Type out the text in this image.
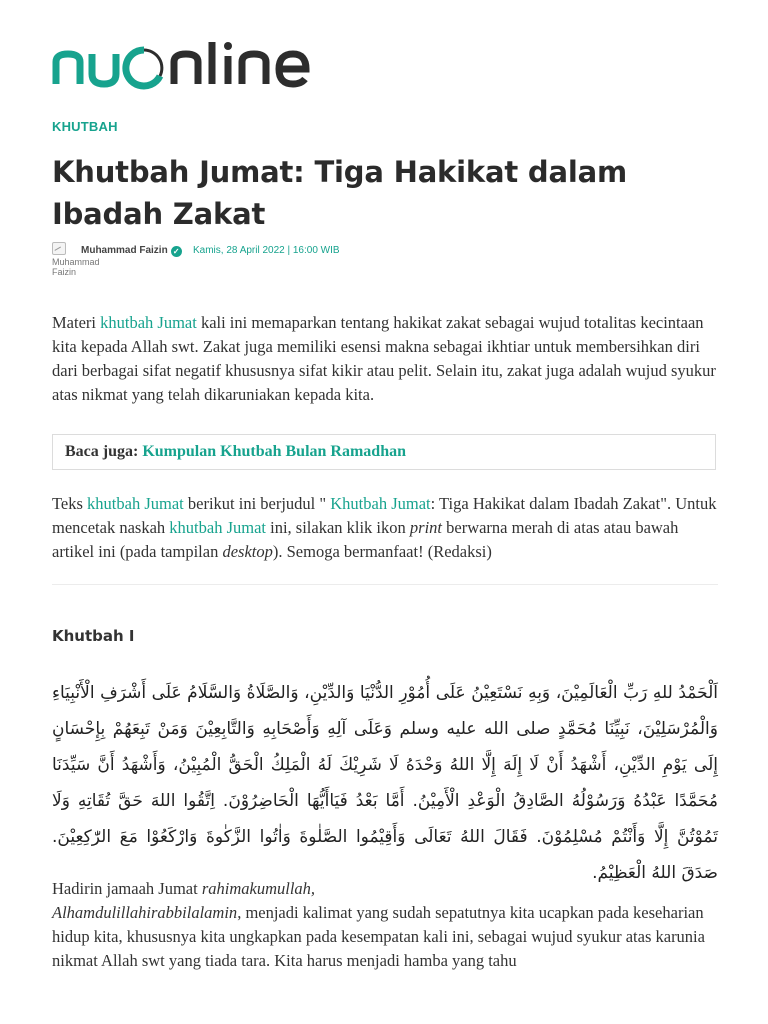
KHUTBAH
Khutbah Jumat: Tiga Hakikat dalam Ibadah Zakat
Muhammad Faizin
Muhammad Faizin ✓ Kamis, 28 April 2022 | 16:00 WIB

Materi khutbah Jumat kali ini memaparkan tentang hakikat zakat sebagai wujud totalitas kecintaan kita kepada Allah swt. Zakat juga memiliki esensi makna sebagai ikhtiar untuk membersihkan diri dari berbagai sifat negatif khususnya sifat kikir atau pelit. Selain itu, zakat juga adalah wujud syukur atas nikmat yang telah dikaruniakan kepada kita.

Baca juga: Kumpulan Khutbah Bulan Ramadhan

Teks khutbah Jumat berikut ini berjudul " Khutbah Jumat: Tiga Hakikat dalam Ibadah Zakat". Untuk mencetak naskah khutbah Jumat ini, silakan klik ikon print berwarna merah di atas atau bawah artikel ini (pada tampilan desktop). Semoga bermanfaat! (Redaksi)

Khutbah I

اَلْحَمْدُ للهِ رَبِّ الْعَالَمِيْنَ، وَبِهِ نَسْتَعِيْنُ عَلَى أُمُوْرِ الدُّنْيَا وَالدِّيْنِ، وَالصَّلَاةُ وَالسَّلَامُ عَلَى أَشْرَفِ الْأَنْبِيَاءِ وَالْمُرْسَلِيْنَ، نَبِيِّنَا مُحَمَّدٍ صلى الله عليه وسلم وَعَلَى آلِهِ وَأَصْحَابِهِ وَالتَّابِعِيْنَ وَمَنْ تَبِعَهُمْ بِإِحْسَانٍ إِلَى يَوْمِ الدِّيْنِ، أَشْهَدُ أَنْ لَا إِلَهَ إِلَّا اللهُ وَحْدَهُ لَا شَرِيْكَ لَهُ الْمَلِكُ الْحَقُّ الْمُبِيْنُ، وَأَشْهَدُ أَنَّ سَيِّدَنَا مُحَمَّدًا عَبْدُهُ وَرَسُوْلُهُ الصَّادِقُ الْوَعْدِ الْأَمِيْنُ. أَمَّا بَعْدُ فَيَاأَيُّهَا الْحَاضِرُوْنَ. اِتَّقُوا اللهَ حَقَّ تُقَاتِهِ وَلَا تَمُوْتُنَّ إِلَّا وَأَنْتُمْ مُسْلِمُوْنَ. فَقَالَ اللهُ تَعَالَى وَأَقِيْمُوا الصَّلٰوةَ وَاٰتُوا الزَّكٰوةَ وَارْكَعُوْا مَعَ الرّٰكِعِيْنَ. صَدَقَ اللهُ الْعَظِيْمُ.

Hadirin jamaah Jumat rahimakumullah,
Alhamdulillahirabbilalamin, menjadi kalimat yang sudah sepatutnya kita ucapkan pada keseharian hidup kita, khususnya kita ungkapkan pada kesempatan kali ini, sebagai wujud syukur atas karunia nikmat Allah swt yang tiada tara. Kita harus menjadi hamba yang tahu
